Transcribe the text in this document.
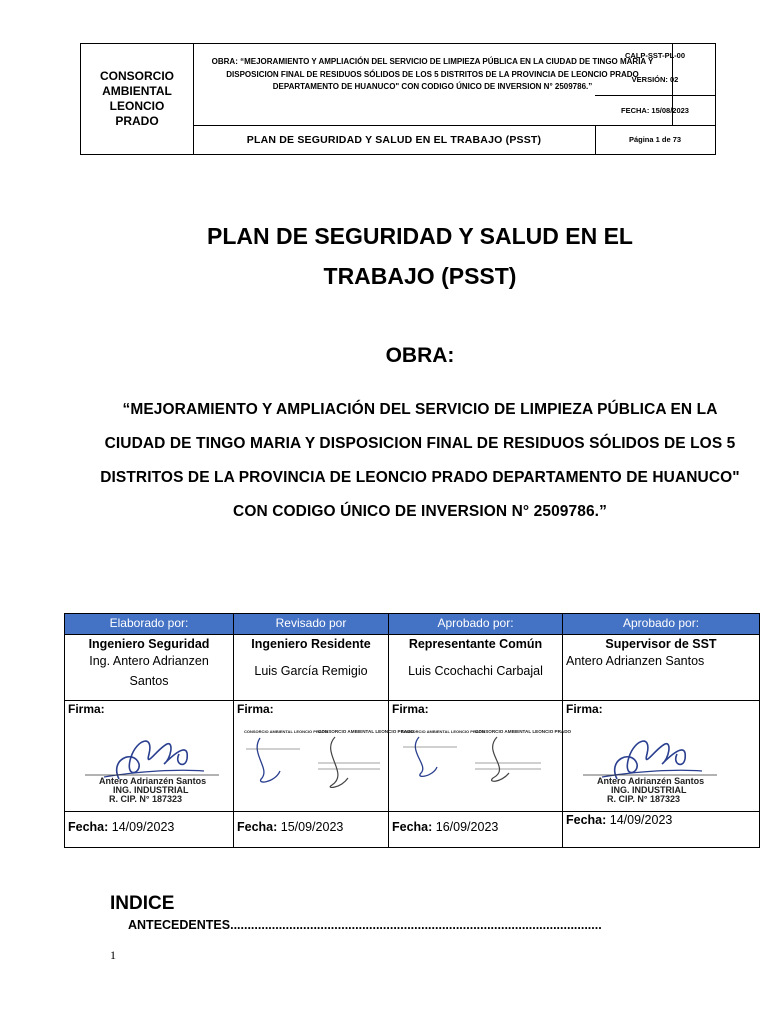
CONSORCIO
AMBIENTAL
LEONCIO
PRADO
OBRA: “MEJORAMIENTO Y AMPLIACIÓN DEL SERVICIO DE LIMPIEZA PÚBLICA EN LA CIUDAD DE TINGO MARIA Y DISPOSICION FINAL DE RESIDUOS SÓLIDOS DE LOS 5 DISTRITOS DE LA PROVINCIA DE LEONCIO PRADO DEPARTAMENTO DE HUANUCO" CON CODIGO ÚNICO DE INVERSION N° 2509786.”
PLAN DE SEGURIDAD Y SALUD EN EL TRABAJO (PSST)
CALP-SST-PL-00
VERSIÓN: 02
FECHA: 15/08/2023
Página 1 de 73
PLAN DE SEGURIDAD Y SALUD EN EL
TRABAJO (PSST)
OBRA:
“MEJORAMIENTO Y AMPLIACIÓN DEL SERVICIO DE LIMPIEZA PÚBLICA EN LA CIUDAD DE TINGO MARIA Y DISPOSICION FINAL DE RESIDUOS SÓLIDOS DE LOS 5 DISTRITOS DE LA PROVINCIA DE LEONCIO PRADO DEPARTAMENTO DE HUANUCO" CON CODIGO ÚNICO DE INVERSION N° 2509786.”
Elaborado por:
Ingeniero Seguridad
Ing. Antero Adrianzen Santos
Firma:
Antero Adrianzén Santos
ING. INDUSTRIAL
R. CIP. N° 187323
Fecha: 14/09/2023
Revisado por
Ingeniero Residente
Luis García Remigio
Firma:
CONSORCIO AMBIENTAL LEONCIO PRADO
CONSORCIO AMBIENTAL LEONCIO PRADO
Fecha: 15/09/2023
Aprobado por:
Representante Común
Luis Ccochachi Carbajal
Firma:
CONSORCIO AMBIENTAL LEONCIO PRADO
CONSORCIO AMBIENTAL LEONCIO PRADO
Fecha: 16/09/2023
Aprobado por:
Supervisor de SST
Antero Adrianzen Santos
Firma:
Antero Adrianzén Santos
ING. INDUSTRIAL
R. CIP. N° 187323
Fecha: 14/09/2023
INDICE
ANTECEDENTES...........................................................................................................
1
